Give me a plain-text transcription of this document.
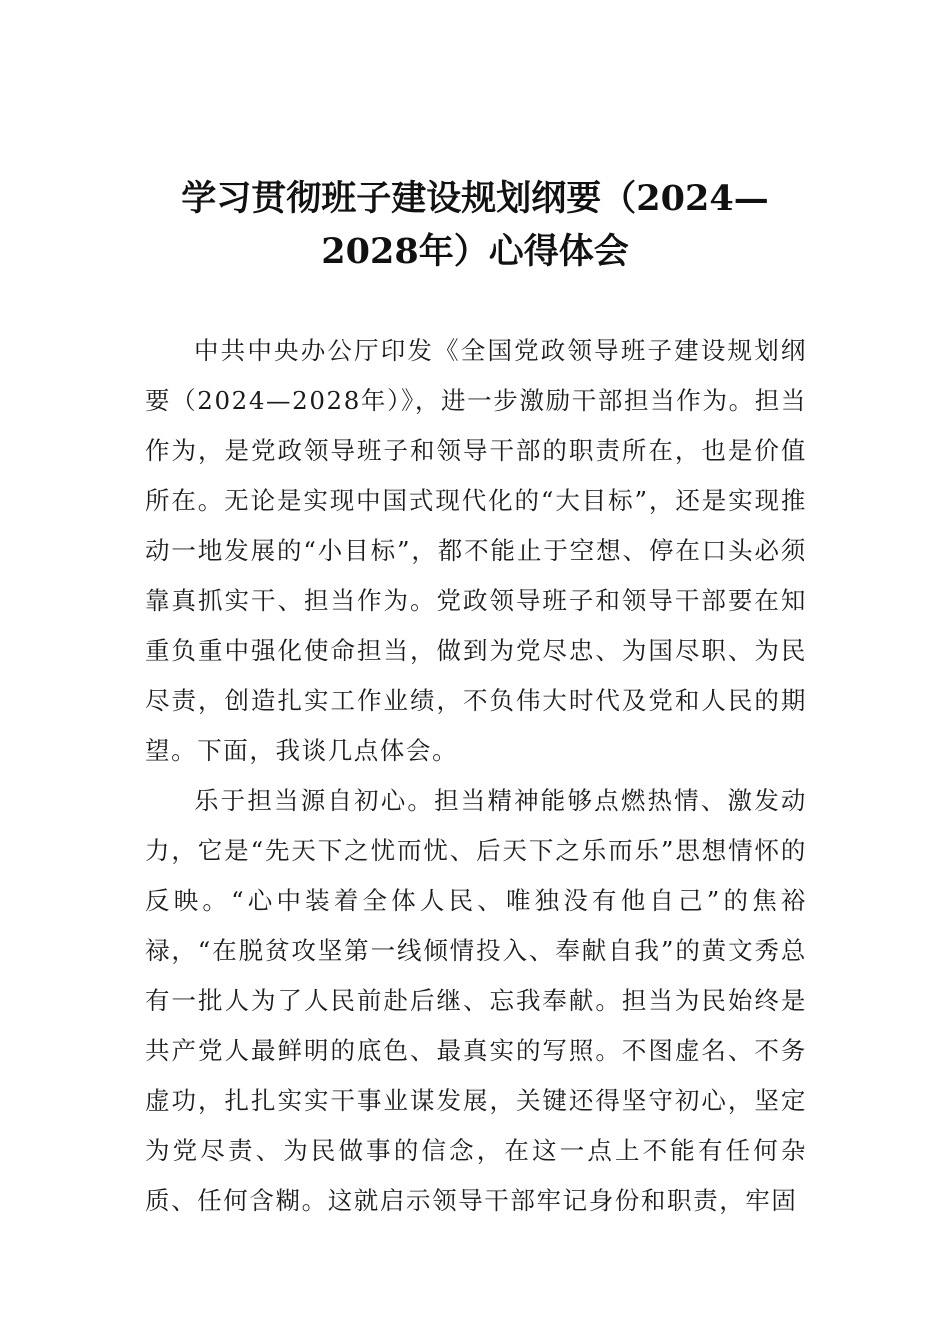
学习贯彻班子建设规划纲要（2024—2028年）心得体会

中共中央办公厅印发《全国党政领导班子建设规划纲要（2024—2028年）》，进一步激励干部担当作为。担当作为，是党政领导班子和领导干部的职责所在，也是价值所在。无论是实现中国式现代化的“大目标”，还是实现推动一地发展的“小目标”，都不能止于空想、停在口头必须靠真抓实干、担当作为。党政领导班子和领导干部要在知重负重中强化使命担当，做到为党尽忠、为国尽职、为民尽责，创造扎实工作业绩，不负伟大时代及党和人民的期望。下面，我谈几点体会。

乐于担当源自初心。担当精神能够点燃热情、激发动力，它是“先天下之忧而忧、后天下之乐而乐”思想情怀的反映。“心中装着全体人民、唯独没有他自己”的焦裕禄，“在脱贫攻坚第一线倾情投入、奉献自我”的黄文秀总有一批人为了人民前赴后继、忘我奉献。担当为民始终是共产党人最鲜明的底色、最真实的写照。不图虚名、不务虚功，扎扎实实干事业谋发展，关键还得坚守初心，坚定为党尽责、为民做事的信念，在这一点上不能有任何杂质、任何含糊。这就启示领导干部牢记身份和职责，牢固
